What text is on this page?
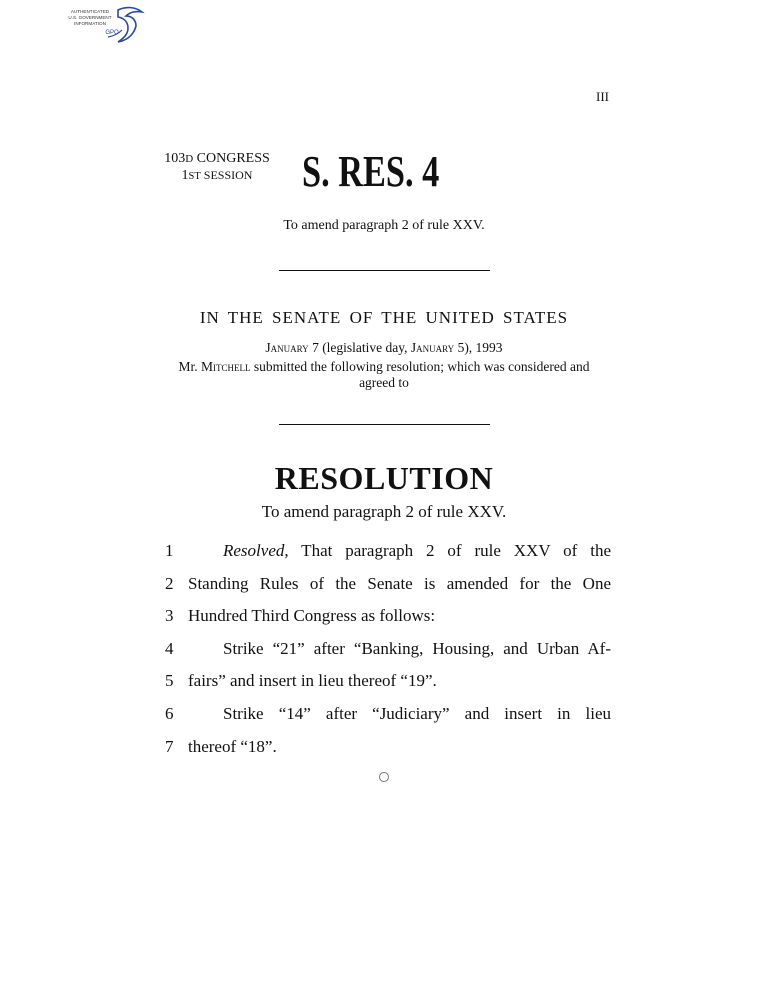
AUTHENTICATED
U.S. GOVERNMENT
INFORMATION
GPO
III
103D CONGRESS
1ST SESSION	S. RES. 4
To amend paragraph 2 of rule XXV.
IN THE SENATE OF THE UNITED STATES
January 7 (legislative day, January 5), 1993
Mr. Mitchell submitted the following resolution; which was considered and agreed to
RESOLUTION
To amend paragraph 2 of rule XXV.
1	Resolved, That paragraph 2 of rule XXV of the
2 Standing Rules of the Senate is amended for the One
3 Hundred Third Congress as follows:
4	Strike “21” after “Banking, Housing, and Urban Af-
5 fairs” and insert in lieu thereof “19”.
6	Strike “14” after “Judiciary” and insert in lieu
7 thereof “18”.
